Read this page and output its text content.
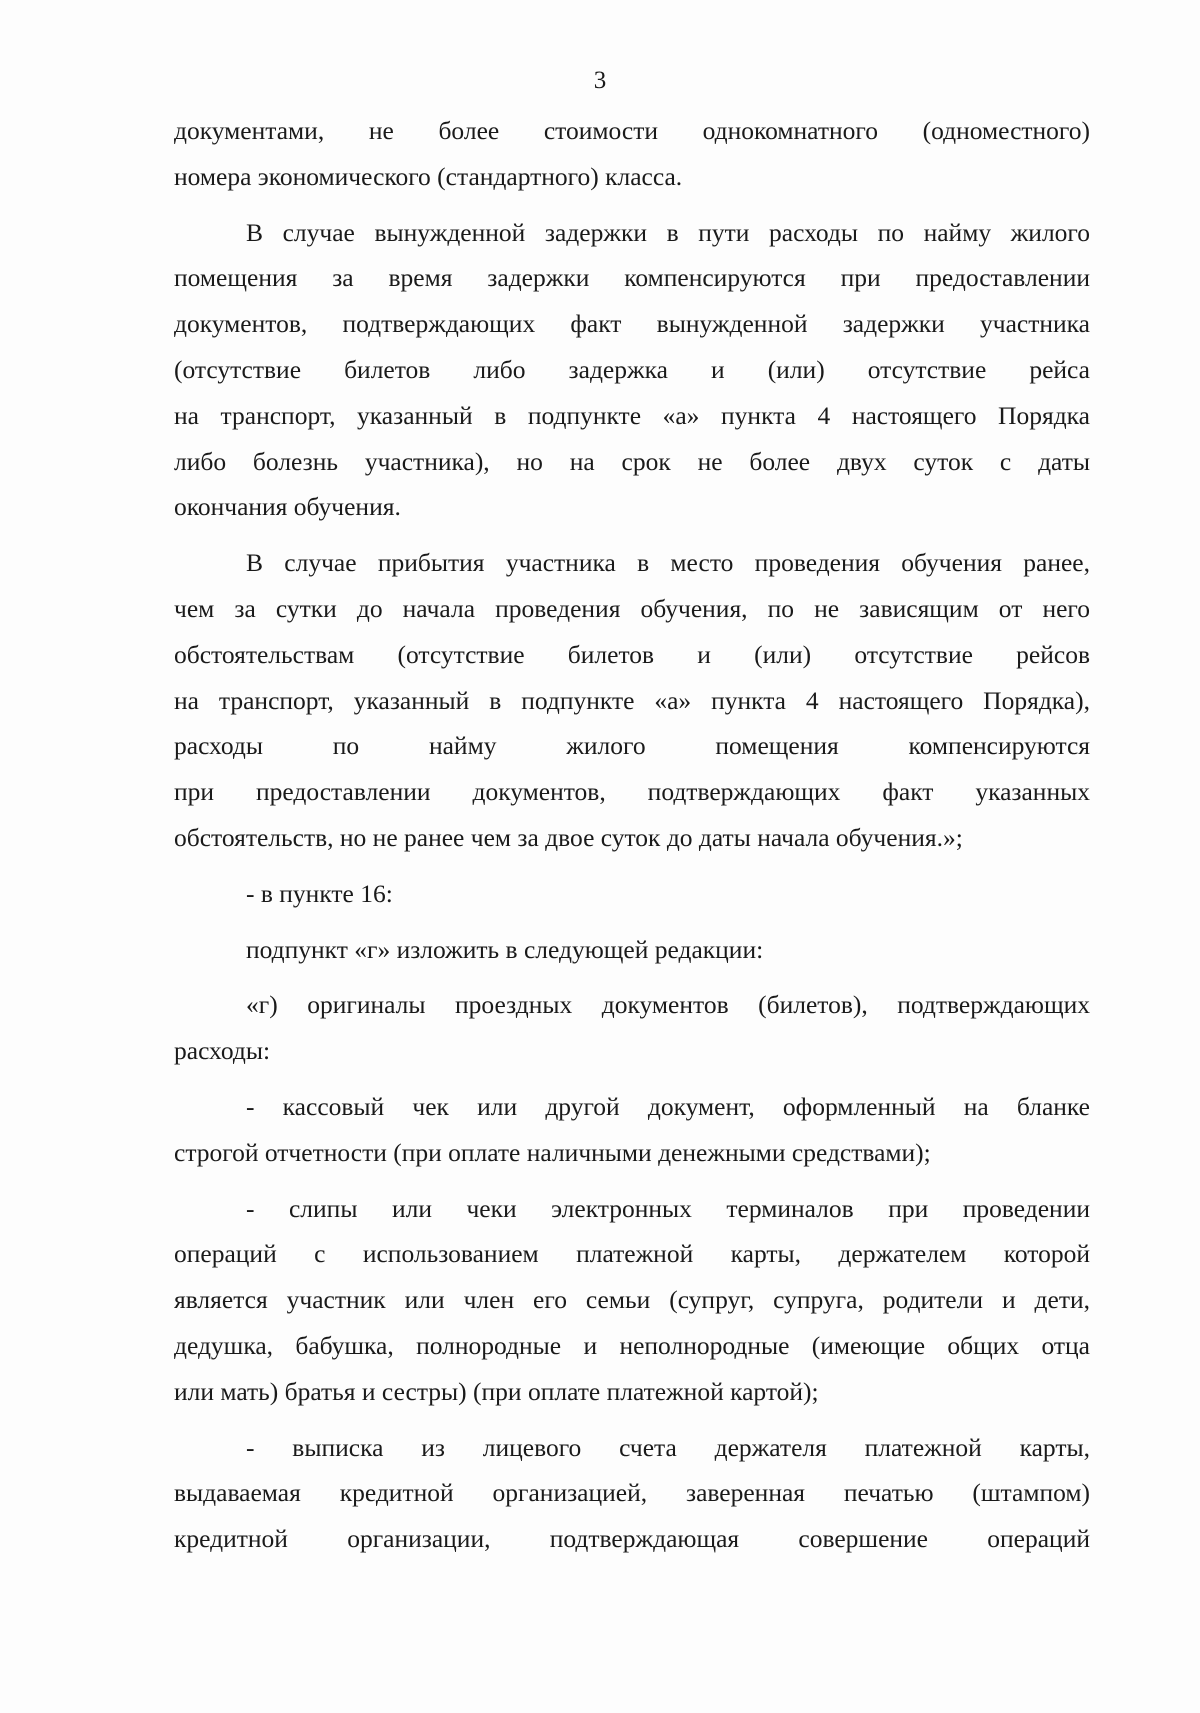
3
документами, не более стоимости однокомнатного (одноместного)
номера экономического (стандартного) класса.
В случае вынужденной задержки в пути расходы по найму жилого
помещения за время задержки компенсируются при предоставлении
документов, подтверждающих факт вынужденной задержки участника
(отсутствие билетов либо задержка и (или) отсутствие рейса
на транспорт, указанный в подпункте «а» пункта 4 настоящего Порядка
либо болезнь участника), но на срок не более двух суток с даты
окончания обучения.
В случае прибытия участника в место проведения обучения ранее,
чем за сутки до начала проведения обучения, по не зависящим от него
обстоятельствам (отсутствие билетов и (или) отсутствие рейсов
на транспорт, указанный в подпункте «а» пункта 4 настоящего Порядка),
расходы по найму жилого помещения компенсируются
при предоставлении документов, подтверждающих факт указанных
обстоятельств, но не ранее чем за двое суток до даты начала обучения.»;
- в пункте 16:
подпункт «г» изложить в следующей редакции:
«г) оригиналы проездных документов (билетов), подтверждающих
расходы:
- кассовый чек или другой документ, оформленный на бланке
строгой отчетности (при оплате наличными денежными средствами);
- слипы или чеки электронных терминалов при проведении
операций с использованием платежной карты, держателем которой
является участник или член его семьи (супруг, супруга, родители и дети,
дедушка, бабушка, полнородные и неполнородные (имеющие общих отца
или мать) братья и сестры) (при оплате платежной картой);
- выписка из лицевого счета держателя платежной карты,
выдаваемая кредитной организацией, заверенная печатью (штампом)
кредитной организации, подтверждающая совершение операций
